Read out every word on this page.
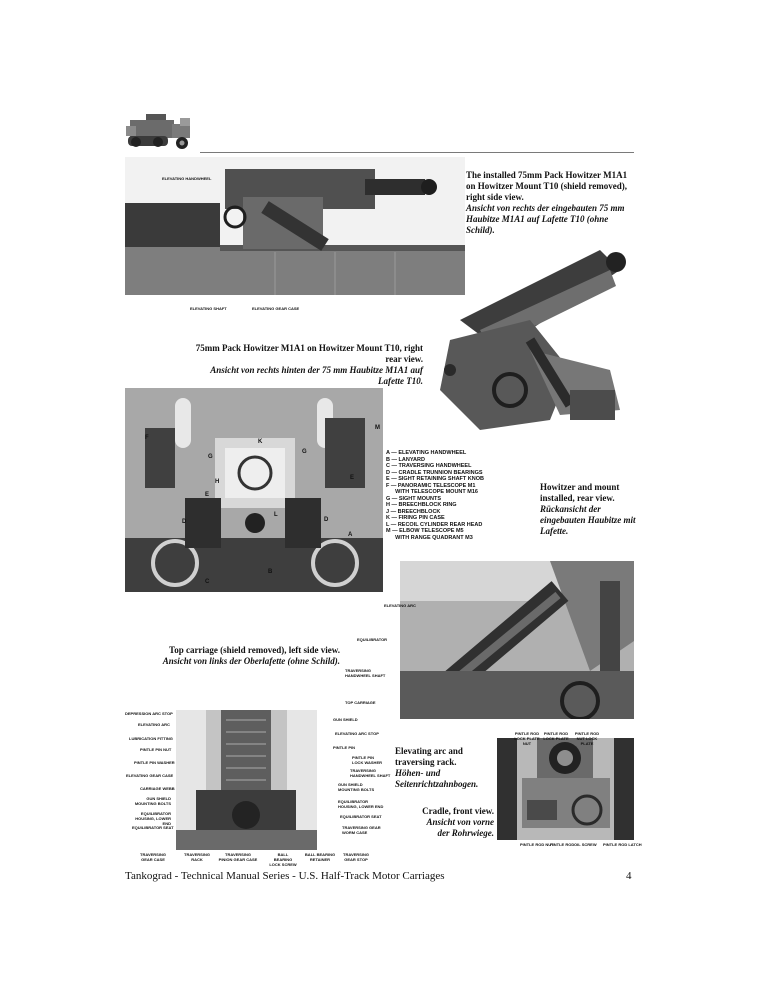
ELEVATING HANDWHEEL
ELEVATING SHAFT	ELEVATING GEAR CASE
The installed 75mm Pack Howitzer M1A1 on Howitzer Mount T10 (shield removed), right side view.
Ansicht von rechts der eingebauten 75 mm Haubitze M1A1 auf Lafette T10 (ohne Schild).
75mm Pack Howitzer M1A1 on Howitzer Mount T10, right rear view.
Ansicht von rechts hinten der 75 mm Haubitze M1A1 auf Lafette T10.
F
G
K
M
G
E
H
E
D	D
A
C
B
L
A — ELEVATING HANDWHEEL
B — LANYARD
C — TRAVERSING HANDWHEEL
D — CRADLE TRUNNION BEARINGS
E — SIGHT RETAINING SHAFT KNOB
F — PANORAMIC TELESCOPE M1
WITH TELESCOPE MOUNT M16
G — SIGHT MOUNTS
H — BREECHBLOCK RING
J — BREECHBLOCK
K — FIRING PIN CASE
L — RECOIL CYLINDER REAR HEAD
M — ELBOW TELESCOPE M5
WITH RANGE QUADRANT M3
Howitzer and mount installed, rear view.
Rückansicht der eingebauten Haubitze mit Lafette.
ELEVATING ARC
EQUILIBRATOR
TRAVERSING HANDWHEEL SHAFT
TOP CARRIAGE
Top carriage (shield removed), left side view.
Ansicht von links der Oberlafette (ohne Schild).
DEPRESSION ARC STOP
ELEVATING ARC
LUBRICATION FITTING
PINTLE PIN NUT
PINTLE PIN WASHER
ELEVATING GEAR CASE
CARRIAGE WEBB
GUN SHIELD MOUNTING BOLTS
EQUILIBRATOR HOUSING, LOWER END
EQUILIBRATOR SEAT
GUN SHIELD
ELEVATING ARC STOP
PINTLE PIN
PINTLE PIN LOCK WASHER
TRAVERSING HANDWHEEL SHAFT
GUN SHIELD MOUNTING BOLTS
EQUILIBRATOR HOUSING, LOWER END
EQUILIBRATOR SEAT
TRAVERSING GEAR WORM CASE
TRAVERSING GEAR CASE
TRAVERSING RACK
TRAVERSING PINION GEAR CASE
BALL BEARING LOCK SCREW
BALL BEARING RETAINER
TRAVERSING GEAR STOP
Elevating arc and traversing rack.
Höhen- und Seitenrichtzahnbogen.
PINTLE ROD LOCK PLATE NUT
PINTLE ROD LOCK PLATE
PINTLE ROD NUT LOCK PLATE
PINTLE ROD NUT
PINTLE ROD OIL SCREW PINTLE ROD LATCH
Cradle, front view.
Ansicht von vorne der Rohrwiege.
Tankograd - Technical Manual Series - U.S. Half-Track Motor Carriages	4
